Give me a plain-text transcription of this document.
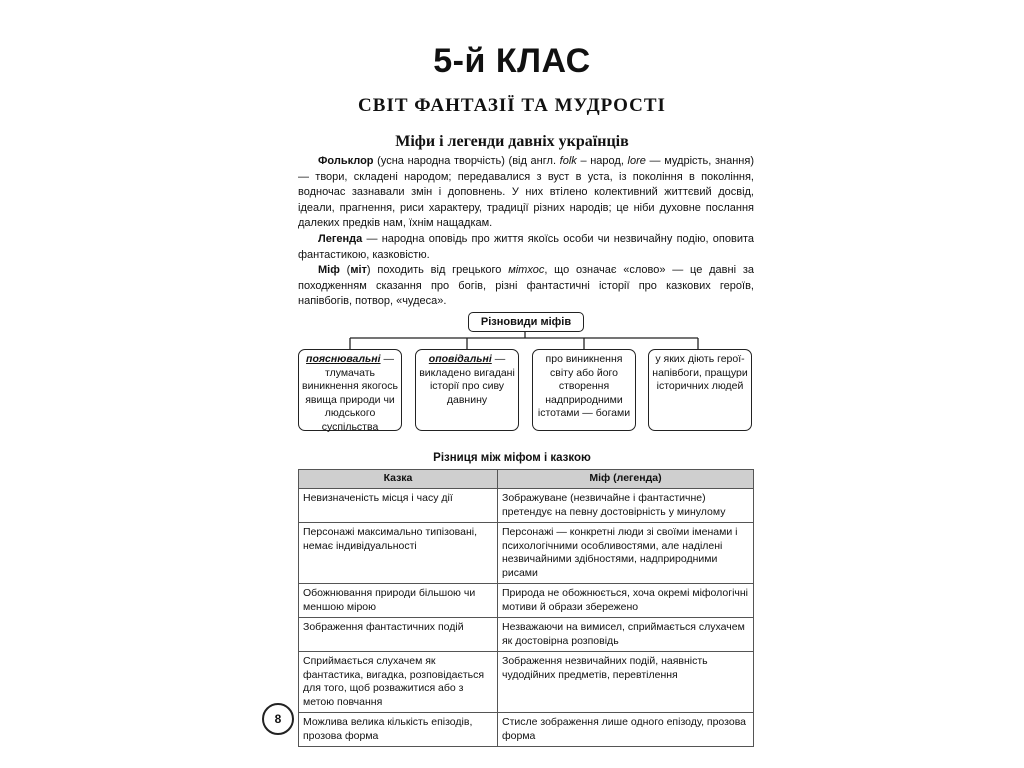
5-й КЛАС
СВІТ ФАНТАЗІЇ ТА МУДРОСТІ
Міфи і легенди давніх українців

Фольклор (усна народна творчість) (від англ. folk – народ, lore — мудрість, знання) — твори, складені народом; передавалися з вуст в уста, із покоління в покоління, водночас зазнавали змін і доповнень. У них втілено колективний життєвий досвід, ідеали, прагнення, риси характеру, традиції різних народів; це ніби духовне послання далеких предків нам, їхнім нащадкам.

Легенда — народна оповідь про життя якоїсь особи чи незвичайну подію, оповита фантастикою, казковістю.

Міф (міт) походить від грецького мітхос, що означає «слово» — це давні за походженням сказання про богів, різні фантастичні історії про казкових героїв, напівбогів, потвор, «чудеса».

Різновиди міфів
пояснювальні — тлумачать виникнення якогось явища природи чи людського суспільства
оповідальні — викладено вигадані історії про сиву давнину
про виникнення світу або його створення надприродними істотами — богами
у яких діють герої-напівбоги, пращури історичних людей
Різниця між міфом і казкою
Казка	Міф (легенда)
Невизначеність місця і часу дії	Зображуване (незвичайне і фантастичне) претендує на певну достовірність у минулому
Персонажі максимально типізовані, немає індивідуальності	Персонажі — конкретні люди зі своїми іменами і психологічними особливостями, але наділені незвичайними здібностями, надприродними рисами
Обожнювання природи більшою чи меншою мірою	Природа не обожнюється, хоча окремі міфологічні мотиви й образи збережено
Зображення фантастичних подій	Незважаючи на вимисел, сприймається слухачем як достовірна розповідь
Сприймається слухачем як фантастика, вигадка, розповідається для того, щоб розважитися або з метою повчання	Зображення незвичайних подій, наявність чудодійних предметів, перевтілення
Можлива велика кількість епізодів, прозова форма	Стисле зображення лише одного епізоду, прозова форма
8
